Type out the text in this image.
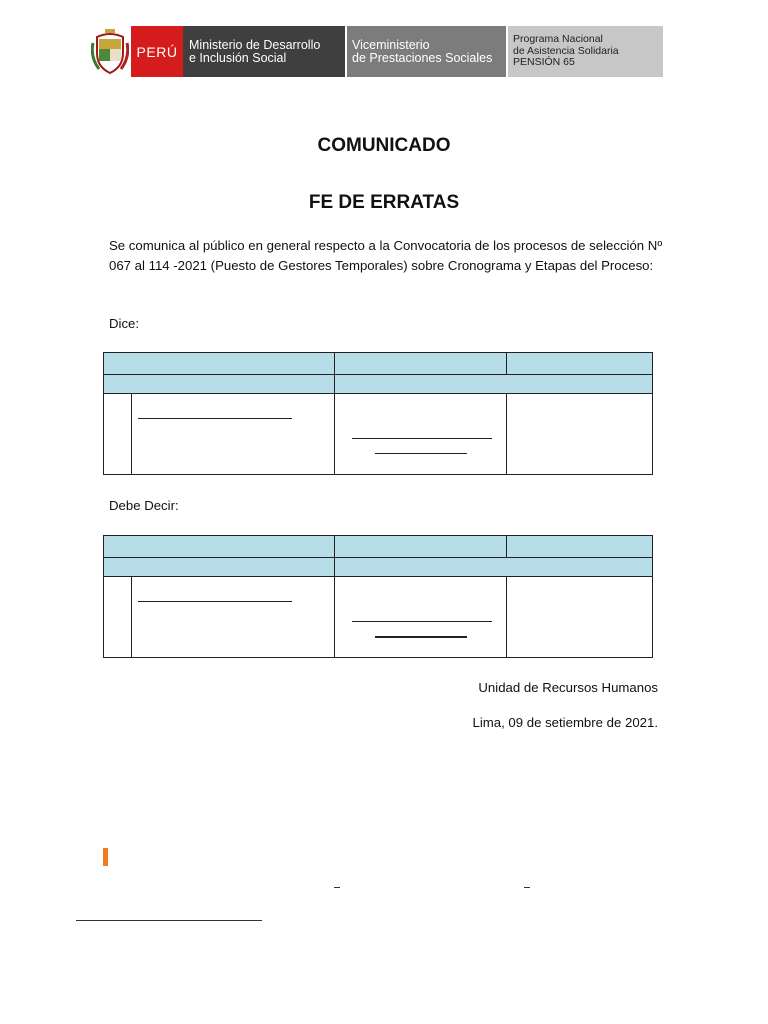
PERÚ Ministerio de Desarrollo
e Inclusión Social
Viceministerio
de Prestaciones Sociales
Programa Nacional
de Asistencia Solidaria
PENSIÓN 65
COMUNICADO
FE DE ERRATAS
Se comunica al público en general respecto a la Convocatoria de los procesos de selección Nº 067 al 114 -2021 (Puesto de Gestores Temporales) sobre Cronograma y Etapas del Proceso:
Dice:

Debe Decir:

Unidad de Recursos Humanos
Lima, 09 de setiembre de 2021.
